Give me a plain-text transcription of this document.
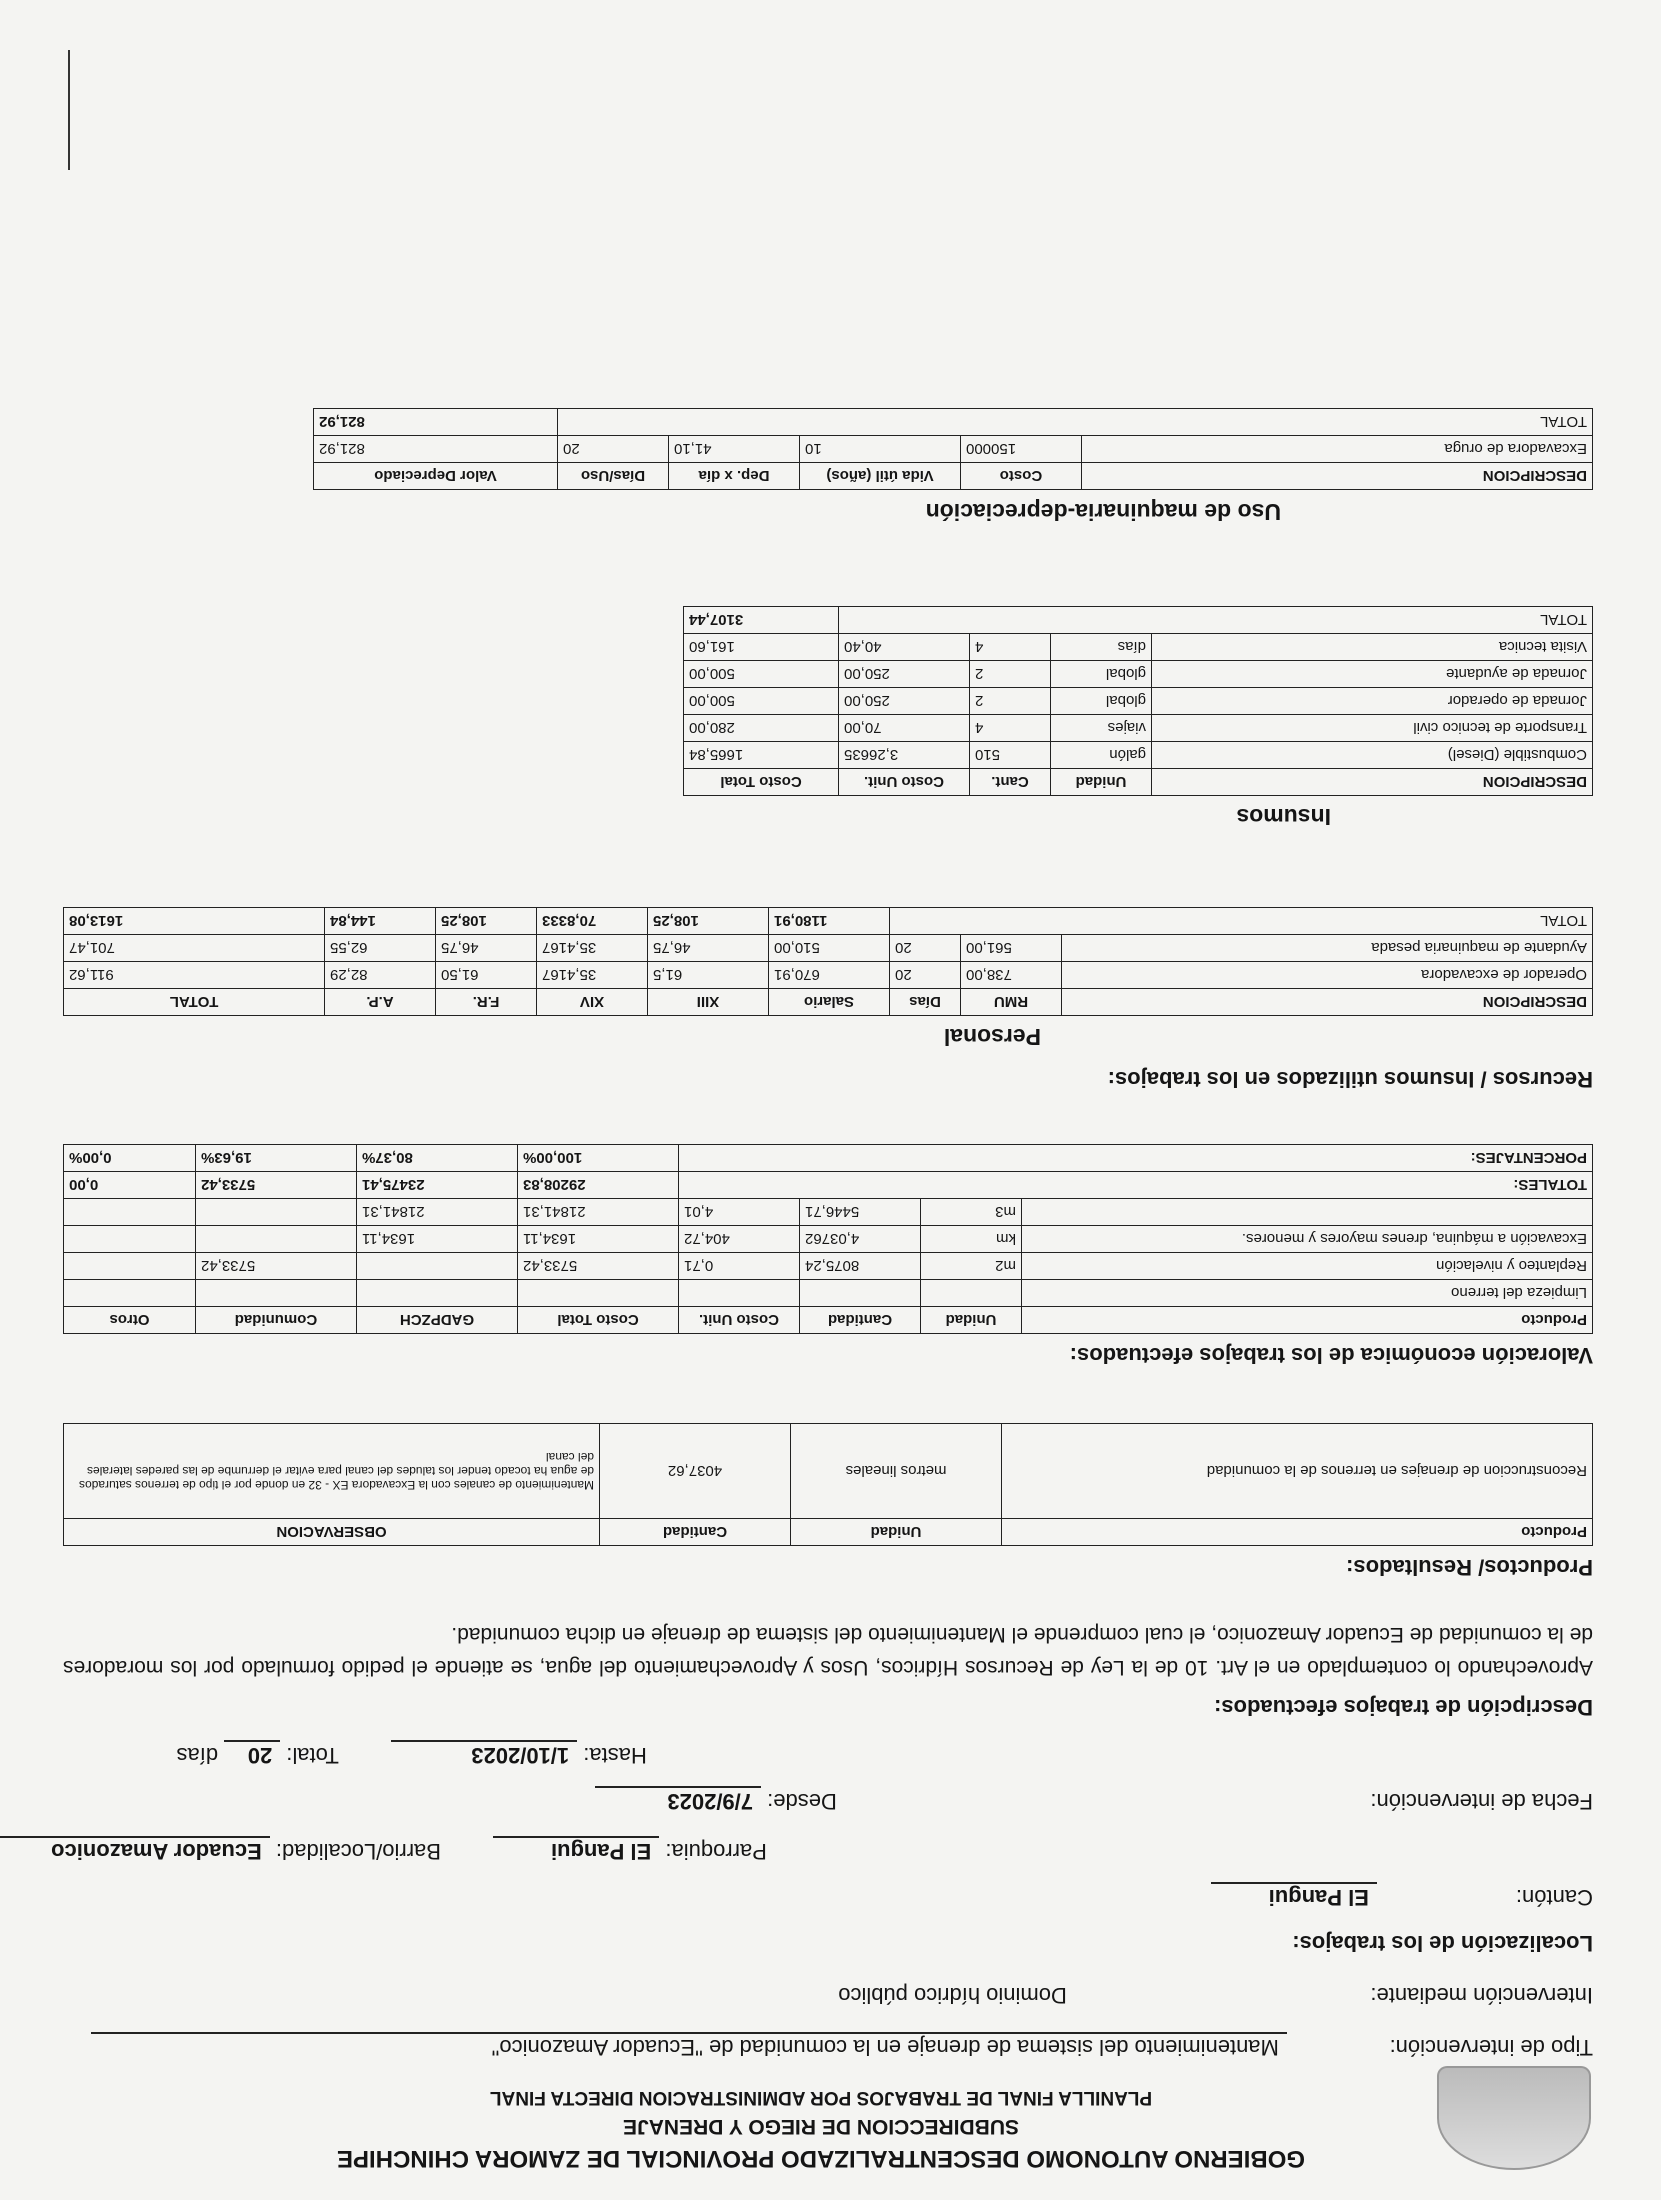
GOBIERNO AUTONOMO DESCENTRALIZADO PROVINCIAL DE ZAMORA CHINCHIPE
SUBDIRECCION DE RIEGO Y DRENAJE
PLANILLA FINAL DE TRABAJOS POR ADMINISTRACION DIRECTA FINAL
Tipo de intervención: Mantenimiento del sistema de drenaje en la comunidad de "Ecuador Amazonico"
Intervención mediante: Dominio hídrico público
Localización de los trabajos:
Cantón: El Pangui
Parroquia: El Pangui  Barrio/Localidad: Ecuador Amazonico
Fecha de intervención: Desde: 7/9/2023
Hasta: 1/10/2023  Total: 20 días
Descripción de trabajos efectuados:
Aprovechando lo contemplado en el Art. 10 de la Ley de Recursos Hídricos, Usos y Aprovechamiento del agua, se atiende el pedido formulado por los moradores de la comunidad de Ecuador Amazonico, el cual comprende el Mantenimiento del sistema de drenaje en dicha comunidad.
Productos/ Resultados:
Producto	Unidad	Cantidad	OBSERVACION
Reconstruccion de drenajes en terrenos de la comunidad	metros lineales	4037,62	Mantenimiento de canales con la Excavadora EX - 32 en donde por el tipo de terrenos saturados de agua ha tocado tender los taludes del canal para evitar el derrumbe de las paredes laterales del canal
Valoración económica de los trabajos efectuados:
Producto	Unidad	Cantidad	Costo Unit.	Costo Total	GADPZCH	Comunidad	Otros
Limpieza del terreno							
Replanteo y nivelación	m2	8075,24	0,71	5733,42		5733,42	
Excavación a máquina, drenes mayores y menores.	km	4,03762	404,72	1634,11	1634,11		
	m3	5446,71	4,01	21841,31	21841,31		
TOTALES:				29208,83	23475,41	5733,42	0,00
PORCENTAJES:				100,00%	80,37%	19,63%	0,00%
Recursos / Insumos utilizados en los trabajos:
Personal
DESCRIPCION	RMU	Días	Salario	XIII	XIV	F.R.	A.P.	TOTAL
Operador de excavadora	738,00	20	670,91	61,5	35,4167	61,50	82,29	911,62
Ayudante de maquinaria pesada	561,00	20	510,00	46,75	35,4167	46,75	62,55	701,47
TOTAL			1180,91	108,25	70,8333	108,25	144,84	1613,08
Insumos
DESCRIPCION	Unidad	Cant.	Costo Unit.	Costo Total
Combustible (Diesel)	galón	510	3,26635	1665,84
Transporte de tecnico civil	viajes	4	70,00	280,00
Jornada de operador	global	2	250,00	500,00
Jornada de ayudante	global	2	250,00	500,00
Visita tecnica	días	4	40,40	161,60
TOTAL				3107,44
Uso de maquinaria-depreciación
DESCRIPCION	Costo	Vida útil (años)	Dep. x día	Días/Uso	Valor Depreciado
Excavadora de oruga	150000	10	41,10	20	821,92
TOTAL					821,92
